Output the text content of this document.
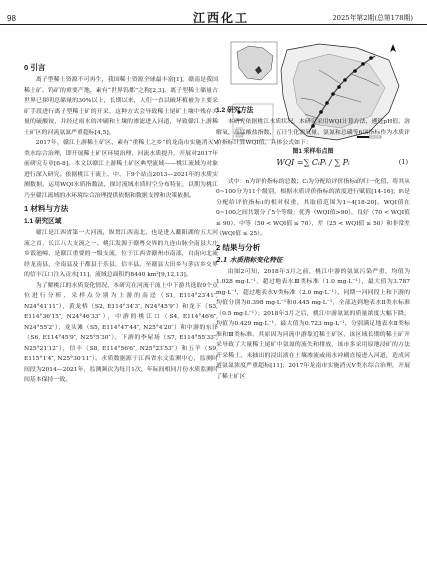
98	江西化工	2025年第2期(总第178期)
0 引言

离子型稀土资源不可再生，我国稀土资源全球最丰富[1]，赣南是我国稀土矿、钨矿的重要产地，素有“世界钨都”之称[2,3]。离子型稀土储量占世界已探明总储量的30%以上，长期以来，人们一直以破坏植被为主要采矿手段进行离子型稀土矿的开采，这种方式会导致稀土尾矿土壤中残存大量的硫酸铵，并经过雨水的冲刷和土壤的渗滤进入河道，导致赣江上游稀土矿区的河流氨氮严重超标[4,5]。

2017年，赣江上游稀土矿区、素有“重稀土之乡”的龙南市实施消灭Ⅴ类水综合治理，即开展稀土矿区环境治理、河流水质提升，开展对2017年前研究专章[6-8]。本文以赣江上游稀土矿区典型流域——桃江流域为对象进行深入研究。依据桃江干流上、中、下9个站点2013—2021年的水质实测数据，运用WQI水质指数法，探讨流域水质时空分布特征，以期为桃江乃至赣江流域的水环境综合治理提供依据和数据支撑和决策依据。

1 材料与方法
1.1 研究区域

赣江是江西省第一大河流，纵贯江西南北，也是进入鄱阳湖的五大河流之首，长江八大支流之一。桃江发源于赣粤交界的九连山脉全南县大庄乡饭池嶂，是赣江重要的一级支流，位于江西省赣州市南部，自南向北流经龙南县，全南县及于都县于乐县，信丰县，至赣县大田乡与茅店乡交界的信丰江口注入贡水[11]，流域总面积约8440 km²[9,12,13]。

为了解桃江的水质变化情况，本研究在河流干流上中下游共选取9个点位进行分析，采样点分别为上游的南迳（S1, E114°23′41″, N24°41′11″），黄龙桥（S2, E114°34′3″, N24°45′9″）和龙下（S3, E114°36′15″, N24°46′33″），中游的桃江口（S4, E114°46′6″, N24°55′2″），龙头滩（S5, E114°47′44″, N25°4′20″）和中游的东泽（S6, E114°45′9″, N25°5′30″），下游的李屋场（S7, E114°55′33″, N25°21′12″），信丰（S8, E114°56′6″, N25°23′53″）和五羊（S9, E115°1′4″, N25°30′11″）。水质数据源于江西省水文监测中心，监测时间段为2014—2021年，监测频次为每月1次，年际间相同月份水质监测时间基本保持一致。

图1 采样布点图
1.2 研究方法

本研究依据桃江水质状况，本研究采用WQI计算方法，遴选pH值、溶解氧、高锰酸盐指数、五日生化需氧量、氨氮和总磷等6项指标作为水质评价指标计算WQI值，具体公式如下：

WQI = ∑ CᵢPᵢ / ∑ Pᵢ	(1)

式中：n为评价指标的总数；Cᵢ为分配给评价指标i的归一化值，将其从0~100分为11个级别，根据水质评价指标的浓度进行赋值[14-16]；Pᵢ是分配给评价指标i的相对权重，其取值范围为1~4[18-20]。WQI值在0~100之间共划分了5个等级：优秀（WQI值>90），良好（70 < WQI值 ≤ 90），中等（50 < WQI值 ≤ 70），差（25 < WQI值 ≤ 50）和非常差（WQI值 ≤ 25）。

2 结果与分析
2.1 水质指标变化特征

由图2可知，2018年3月之前，桃江中游的氨氮污染严重，均值为1.028 mg·L⁻¹，超过地表水Ⅲ类标准（1.0 mg·L⁻¹），最大值为3.787 mg·L⁻¹，超过地表水Ⅴ类标准（2.0 mg·L⁻¹），同期一河同段上和下游的均值分别为0.398 mg·L⁻¹和0.445 mg·L⁻¹，全部达到地表水Ⅱ类水标准（0.5 mg·L⁻¹）；2018年3月之后，桃江中游氨氮的质量浓度大幅下降，均值为0.429 mg·L⁻¹，最大值为0.723 mg·L⁻¹，分别满足地表水Ⅱ类标准和Ⅲ类标准。其原因为河流中游靠近稀土矿区，该区域长期的稀土矿开采导致了大量稀土尾矿中氨氮的流失和排放，该市多采用原地浸矿的方法开采稀土，未抽出的浸出液在土壤渗流或雨水冲刷直接进入河道，造成河道氨氮浓度严重超标[11]；2017年龙南市实施消灭Ⅴ类水综合治理，开展了稀土矿区
